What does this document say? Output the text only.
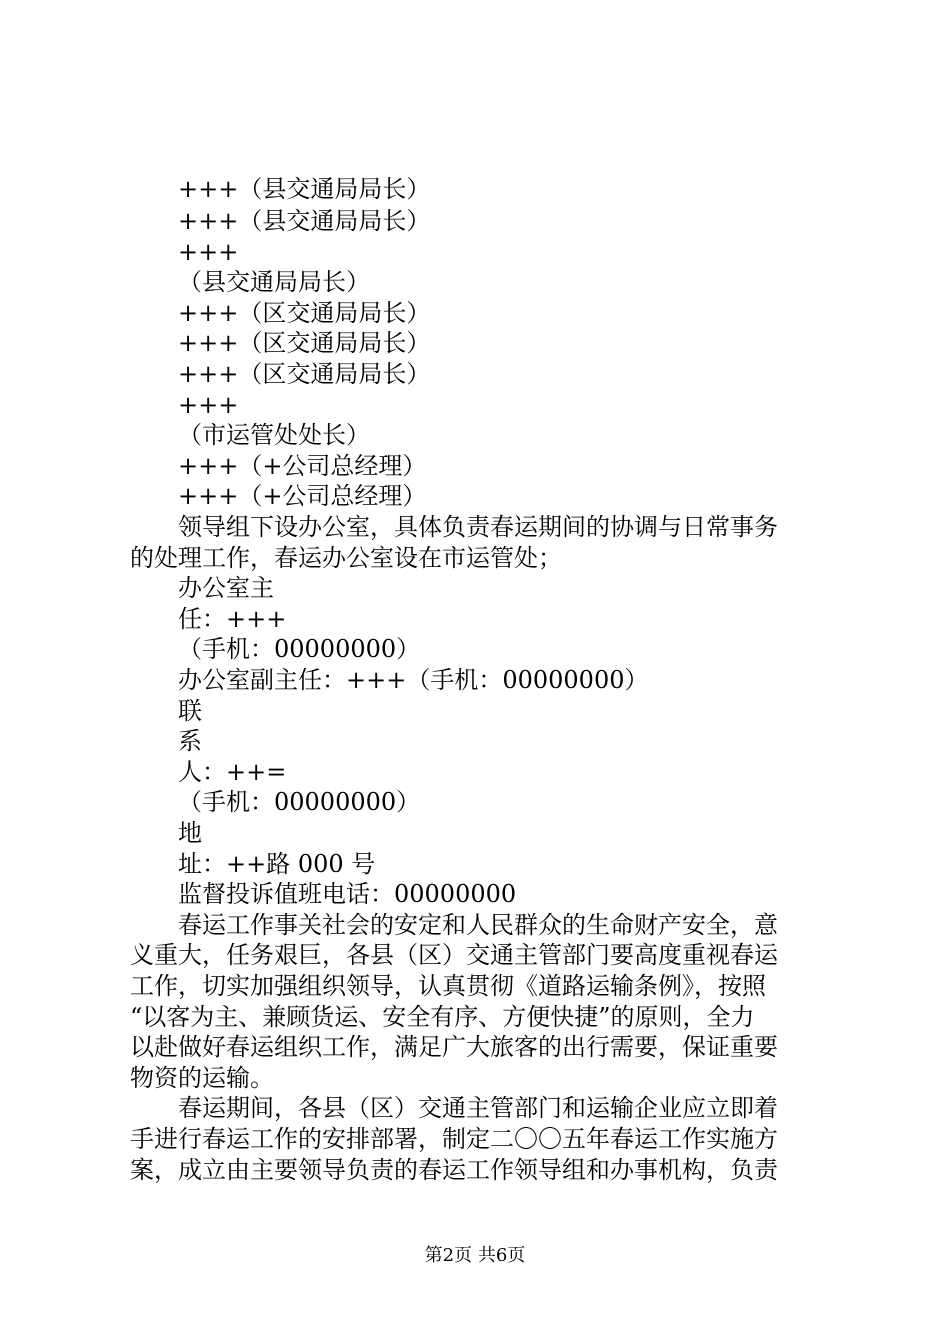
+++（县交通局局长）
+++（县交通局局长）
+++
（县交通局局长）
+++（区交通局局长）
+++（区交通局局长）
+++（区交通局局长）
+++
（市运管处处长）
+++（+公司总经理）
+++（+公司总经理）
领导组下设办公室，具体负责春运期间的协调与日常事务
的处理工作，春运办公室设在市运管处；
办公室主
任：+++
（手机：00000000）
办公室副主任：+++（手机：00000000）
联
系
人：++=
（手机：00000000）
地
址：++路 000 号
监督投诉值班电话：00000000
春运工作事关社会的安定和人民群众的生命财产安全，意
义重大，任务艰巨，各县（区）交通主管部门要高度重视春运
工作，切实加强组织领导，认真贯彻《道路运输条例》，按照
“以客为主、兼顾货运、安全有序、方便快捷”的原则，全力
以赴做好春运组织工作，满足广大旅客的出行需要，保证重要
物资的运输。
春运期间，各县（区）交通主管部门和运输企业应立即着
手进行春运工作的安排部署，制定二〇〇五年春运工作实施方
案，成立由主要领导负责的春运工作领导组和办事机构，负责
第2页 共6页
